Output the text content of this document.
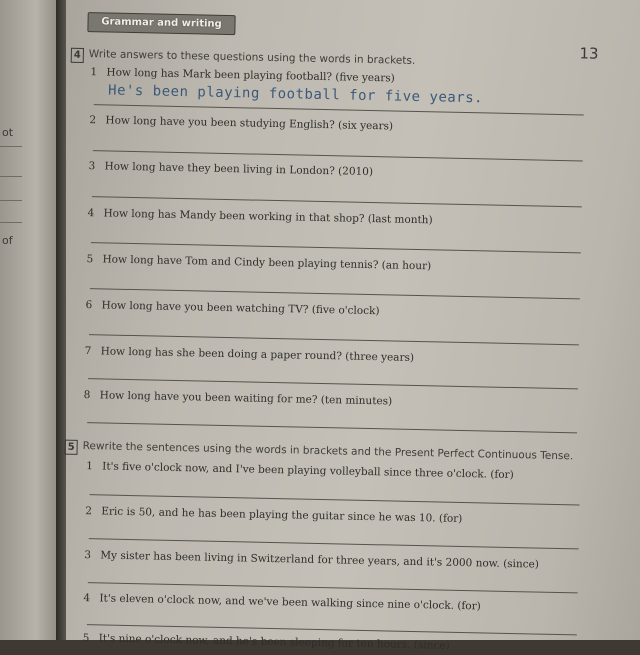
ot
of
Grammar and writing
13
4 Write answers to these questions using the words in brackets.
1 How long has Mark been playing football? (five years)
He's been playing football for five years.
2 How long have you been studying English? (six years)
3 How long have they been living in London? (2010)
4 How long has Mandy been working in that shop? (last month)
5 How long have Tom and Cindy been playing tennis? (an hour)
6 How long have you been watching TV? (five o'clock)
7 How long has she been doing a paper round? (three years)
8 How long have you been waiting for me? (ten minutes)
5 Rewrite the sentences using the words in brackets and the Present Perfect Continuous Tense.
1 It's five o'clock now, and I've been playing volleyball since three o'clock. (for)
2 Eric is 50, and he has been playing the guitar since he was 10. (for)
3 My sister has been living in Switzerland for three years, and it's 2000 now. (since)
4 It's eleven o'clock now, and we've been walking since nine o'clock. (for)
5 It's nine o'clock now, and he's been sleeping for ten hours. (since)
